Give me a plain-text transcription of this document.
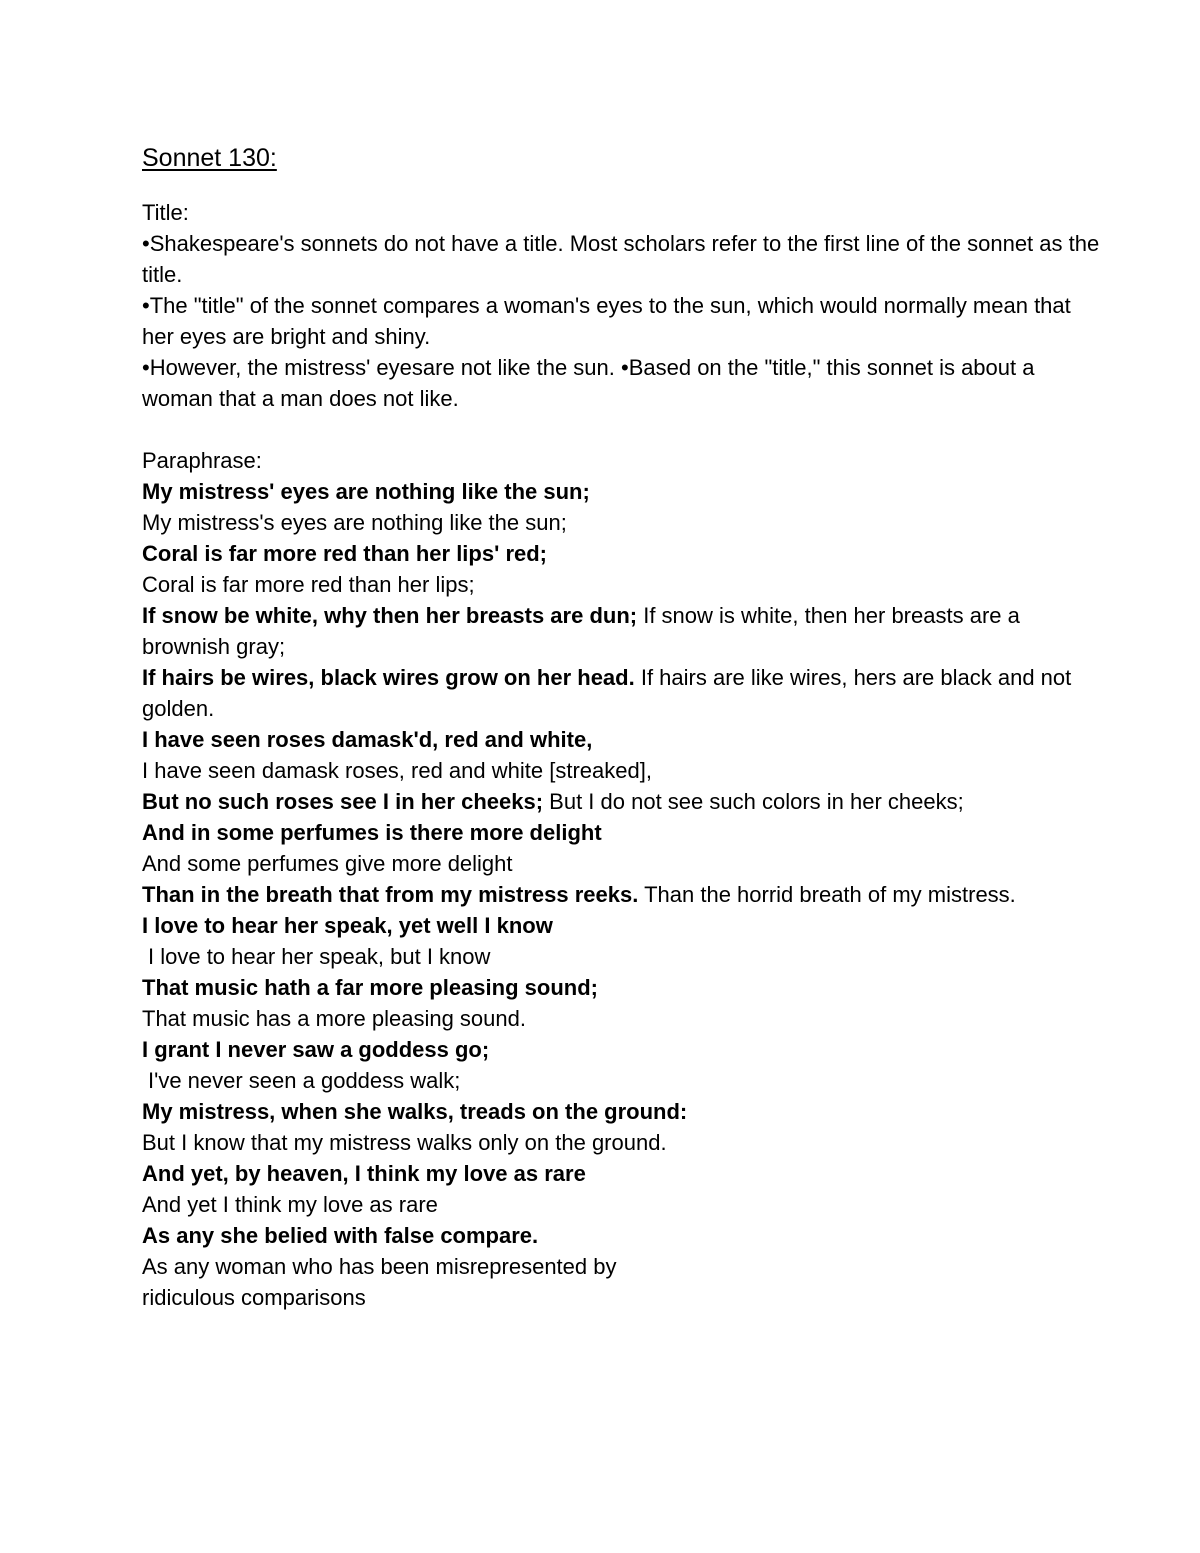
Sonnet 130:

Title:

•Shakespeare's sonnets do not have a title. Most scholars refer to the first line of the sonnet as the title.

•The "title" of the sonnet compares a woman's eyes to the sun, which would normally mean that her eyes are bright and shiny.

•However, the mistress' eyesare not like the sun. •Based on the "title," this sonnet is about a woman that a man does not like.

Paraphrase:

My mistress' eyes are nothing like the sun;

My mistress's eyes are nothing like the sun;

Coral is far more red than her lips' red;

Coral is far more red than her lips;

If snow be white, why then her breasts are dun; If snow is white, then her breasts are a brownish gray;

If hairs be wires, black wires grow on her head. If hairs are like wires, hers are black and not golden.

I have seen roses damask'd, red and white,

I have seen damask roses, red and white [streaked],

But no such roses see I in her cheeks; But I do not see such colors in her cheeks;

And in some perfumes is there more delight

And some perfumes give more delight

Than in the breath that from my mistress reeks. Than the horrid breath of my mistress.

I love to hear her speak, yet well I know

I love to hear her speak, but I know

That music hath a far more pleasing sound;

That music has a more pleasing sound.

I grant I never saw a goddess go;

I've never seen a goddess walk;

My mistress, when she walks, treads on the ground:

But I know that my mistress walks only on the ground.

And yet, by heaven, I think my love as rare

And yet I think my love as rare

As any she belied with false compare.

As any woman who has been misrepresented by

ridiculous comparisons
